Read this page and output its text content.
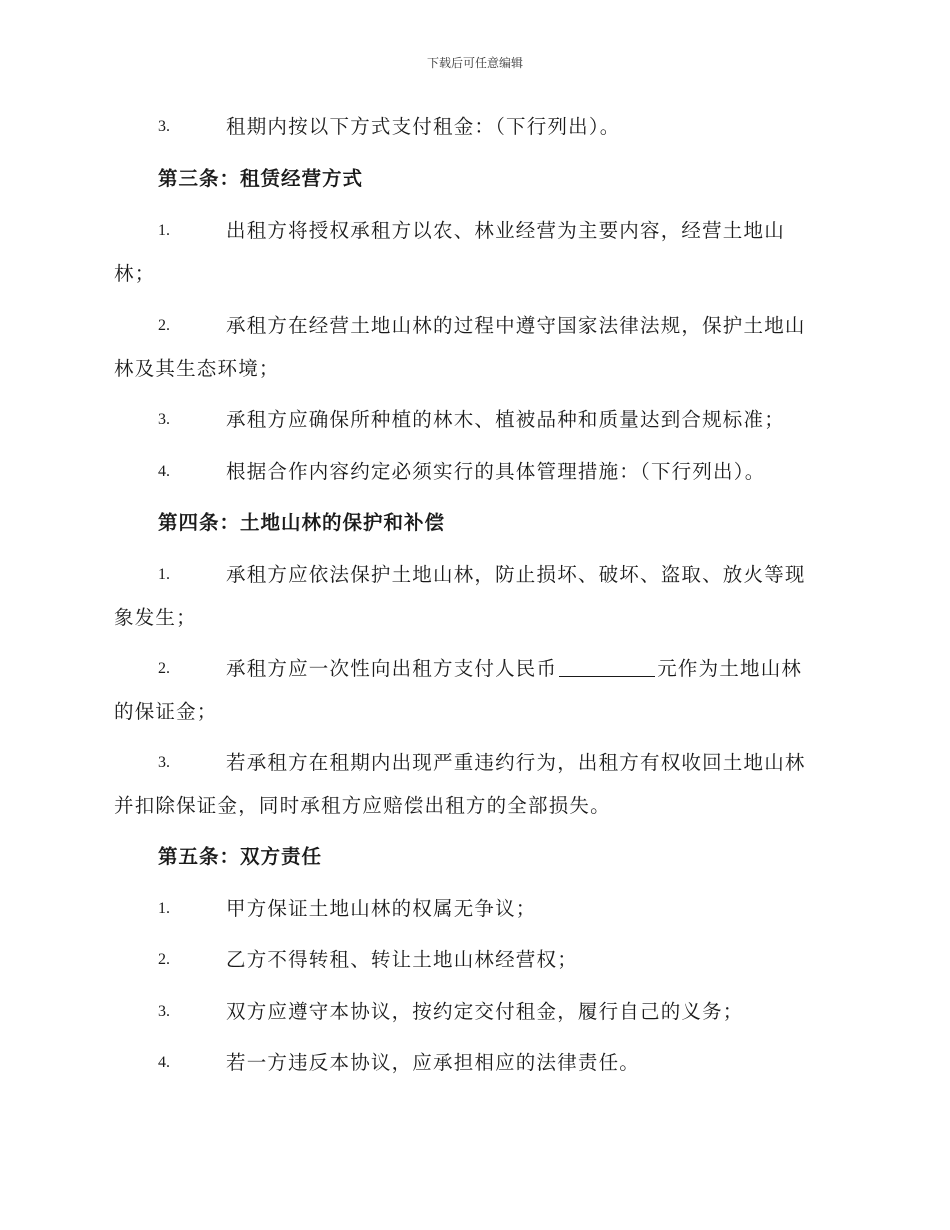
下载后可任意编辑
3.	租期内按以下方式支付租金：（下行列出）。
第三条：租赁经营方式
1.	出租方将授权承租方以农、林业经营为主要内容，经营土地山
林；
2.	承租方在经营土地山林的过程中遵守国家法律法规，保护土地山
林及其生态环境；
3.	承租方应确保所种植的林木、植被品种和质量达到合规标准；
4.	根据合作内容约定必须实行的具体管理措施：（下行列出）。
第四条：土地山林的保护和补偿
1.	承租方应依法保护土地山林，防止损坏、破坏、盗取、放火等现
象发生；
2.	承租方应一次性向出租方支付人民币	元作为土地山林
的保证金；
3.	若承租方在租期内出现严重违约行为，出租方有权收回土地山林
并扣除保证金，同时承租方应赔偿出租方的全部损失。
第五条：双方责任
1.	甲方保证土地山林的权属无争议；
2.	乙方不得转租、转让土地山林经营权；
3.	双方应遵守本协议，按约定交付租金，履行自己的义务；
4.	若一方违反本协议，应承担相应的法律责任。
